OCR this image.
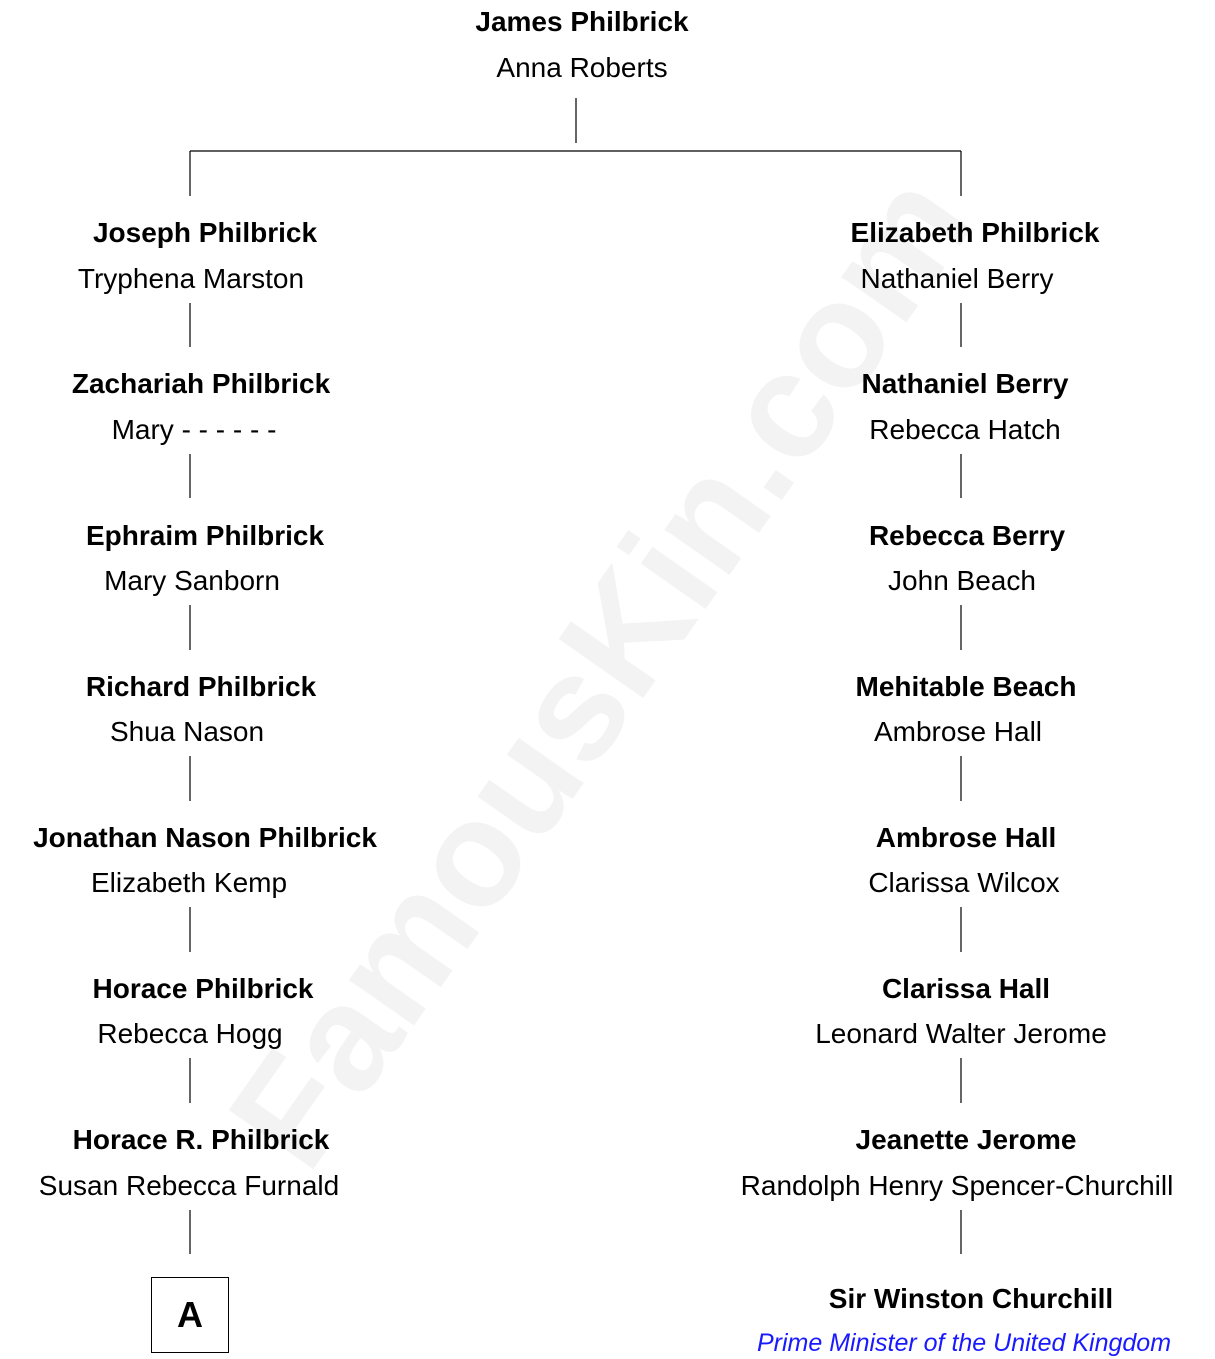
James Philbrick
Anna Roberts
Joseph Philbrick
Tryphena Marston
Zachariah Philbrick
Mary - - - - - -
Ephraim Philbrick
Mary Sanborn
Richard Philbrick
Shua Nason
Jonathan Nason Philbrick
Elizabeth Kemp
Horace Philbrick
Rebecca Hogg
Horace R. Philbrick
Susan Rebecca Furnald
A
Elizabeth Philbrick
Nathaniel Berry
Nathaniel Berry
Rebecca Hatch
Rebecca Berry
John Beach
Mehitable Beach
Ambrose Hall
Ambrose Hall
Clarissa Wilcox
Clarissa Hall
Leonard Walter Jerome
Jeanette Jerome
Randolph Henry Spencer-Churchill
Sir Winston Churchill
Prime Minister of the United Kingdom
